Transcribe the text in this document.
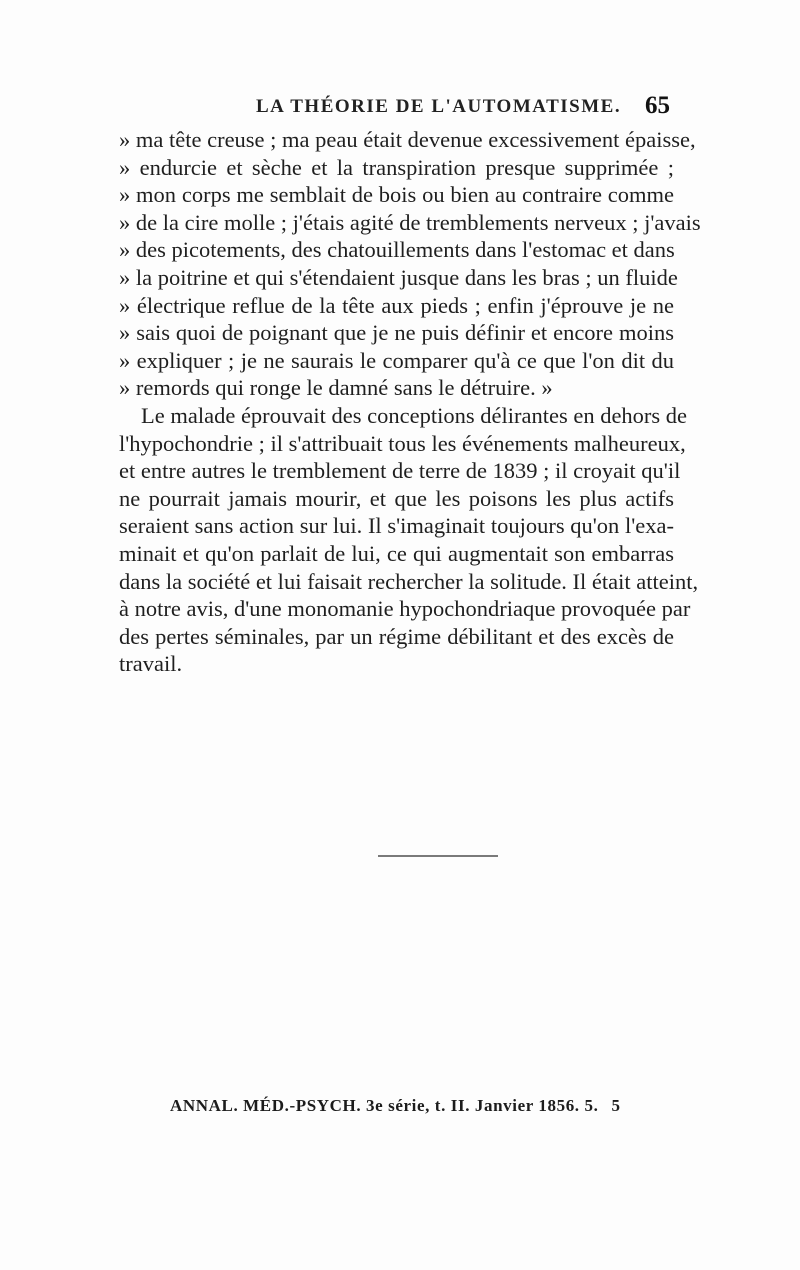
LA THÉORIE DE L'AUTOMATISME. 65
» ma tête creuse ; ma peau était devenue excessivement épaisse,
» endurcie et sèche et la transpiration presque supprimée ;
» mon corps me semblait de bois ou bien au contraire comme
» de la cire molle ; j'étais agité de tremblements nerveux ; j'avais
» des picotements, des chatouillements dans l'estomac et dans
» la poitrine et qui s'étendaient jusque dans les bras ; un fluide
» électrique reflue de la tête aux pieds ; enfin j'éprouve je ne
» sais quoi de poignant que je ne puis définir et encore moins
» expliquer ; je ne saurais le comparer qu'à ce que l'on dit du
» remords qui ronge le damné sans le détruire. »
Le malade éprouvait des conceptions délirantes en dehors de
l'hypochondrie ; il s'attribuait tous les événements malheureux,
et entre autres le tremblement de terre de 1839 ; il croyait qu'il
ne pourrait jamais mourir, et que les poisons les plus actifs
seraient sans action sur lui. Il s'imaginait toujours qu'on l'exa-
minait et qu'on parlait de lui, ce qui augmentait son embarras
dans la société et lui faisait rechercher la solitude. Il était atteint,
à notre avis, d'une monomanie hypochondriaque provoquée par
des pertes séminales, par un régime débilitant et des excès de
travail.
ANNAL. MÉD.-PSYCH. 3e série, t. II. Janvier 1856. 5. 5
